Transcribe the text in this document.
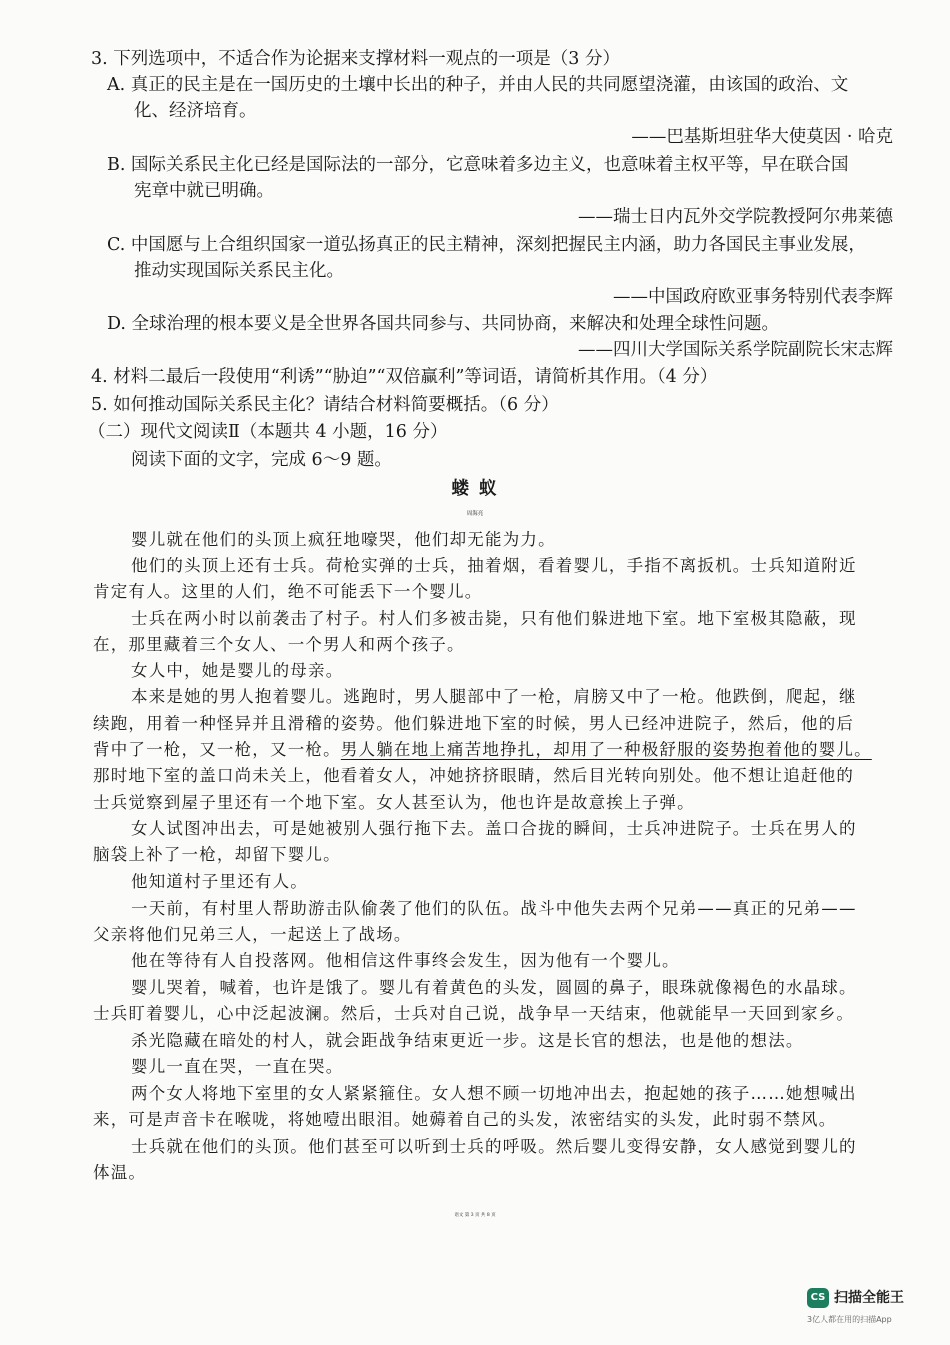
3. 下列选项中，不适合作为论据来支撑材料一观点的一项是（3 分）
A. 真正的民主是在一国历史的土壤中长出的种子，并由人民的共同愿望浇灌，由该国的政治、文
化、经济培育。
——巴基斯坦驻华大使莫因 · 哈克
B. 国际关系民主化已经是国际法的一部分，它意味着多边主义，也意味着主权平等，早在联合国
宪章中就已明确。
——瑞士日内瓦外交学院教授阿尔弗莱德
C. 中国愿与上合组织国家一道弘扬真正的民主精神，深刻把握民主内涵，助力各国民主事业发展，
推动实现国际关系民主化。
——中国政府欧亚事务特别代表李辉
D. 全球治理的根本要义是全世界各国共同参与、共同协商，来解决和处理全球性问题。
——四川大学国际关系学院副院长宋志辉
4. 材料二最后一段使用“利诱”“胁迫”“双倍赢利”等词语，请简析其作用。（4 分）
5. 如何推动国际关系民主化？请结合材料简要概括。（6 分）
（二）现代文阅读Ⅱ（本题共 4 小题，16 分）
阅读下面的文字，完成 6～9 题。
蝼 蚁
周海亮
婴儿就在他们的头顶上疯狂地嚎哭，他们却无能为力。
他们的头顶上还有士兵。荷枪实弹的士兵，抽着烟，看着婴儿，手指不离扳机。士兵知道附近
肯定有人。这里的人们，绝不可能丢下一个婴儿。
士兵在两小时以前袭击了村子。村人们多被击毙，只有他们躲进地下室。地下室极其隐蔽，现
在，那里藏着三个女人、一个男人和两个孩子。
女人中，她是婴儿的母亲。
本来是她的男人抱着婴儿。逃跑时，男人腿部中了一枪，肩膀又中了一枪。他跌倒，爬起，继
续跑，用着一种怪异并且滑稽的姿势。他们躲进地下室的时候，男人已经冲进院子，然后，他的后
背中了一枪，又一枪，又一枪。男人躺在地上痛苦地挣扎，却用了一种极舒服的姿势抱着他的婴儿。
那时地下室的盖口尚未关上，他看着女人，冲她挤挤眼睛，然后目光转向别处。他不想让追赶他的
士兵觉察到屋子里还有一个地下室。女人甚至认为，他也许是故意挨上子弹。
女人试图冲出去，可是她被别人强行拖下去。盖口合拢的瞬间，士兵冲进院子。士兵在男人的
脑袋上补了一枪，却留下婴儿。
他知道村子里还有人。
一天前，有村里人帮助游击队偷袭了他们的队伍。战斗中他失去两个兄弟——真正的兄弟——
父亲将他们兄弟三人，一起送上了战场。
他在等待有人自投落网。他相信这件事终会发生，因为他有一个婴儿。
婴儿哭着，喊着，也许是饿了。婴儿有着黄色的头发，圆圆的鼻子，眼珠就像褐色的水晶球。
士兵盯着婴儿，心中泛起波澜。然后，士兵对自己说，战争早一天结束，他就能早一天回到家乡。
杀光隐藏在暗处的村人，就会距战争结束更近一步。这是长官的想法，也是他的想法。
婴儿一直在哭，一直在哭。
两个女人将地下室里的女人紧紧箍住。女人想不顾一切地冲出去，抱起她的孩子……她想喊出
来，可是声音卡在喉咙，将她噎出眼泪。她薅着自己的头发，浓密结实的头发，此时弱不禁风。
士兵就在他们的头顶。他们甚至可以听到士兵的呼吸。然后婴儿变得安静，女人感觉到婴儿的
体温。
语文 第 3 页 共 8 页
CS 扫描全能王
3亿人都在用的扫描App
